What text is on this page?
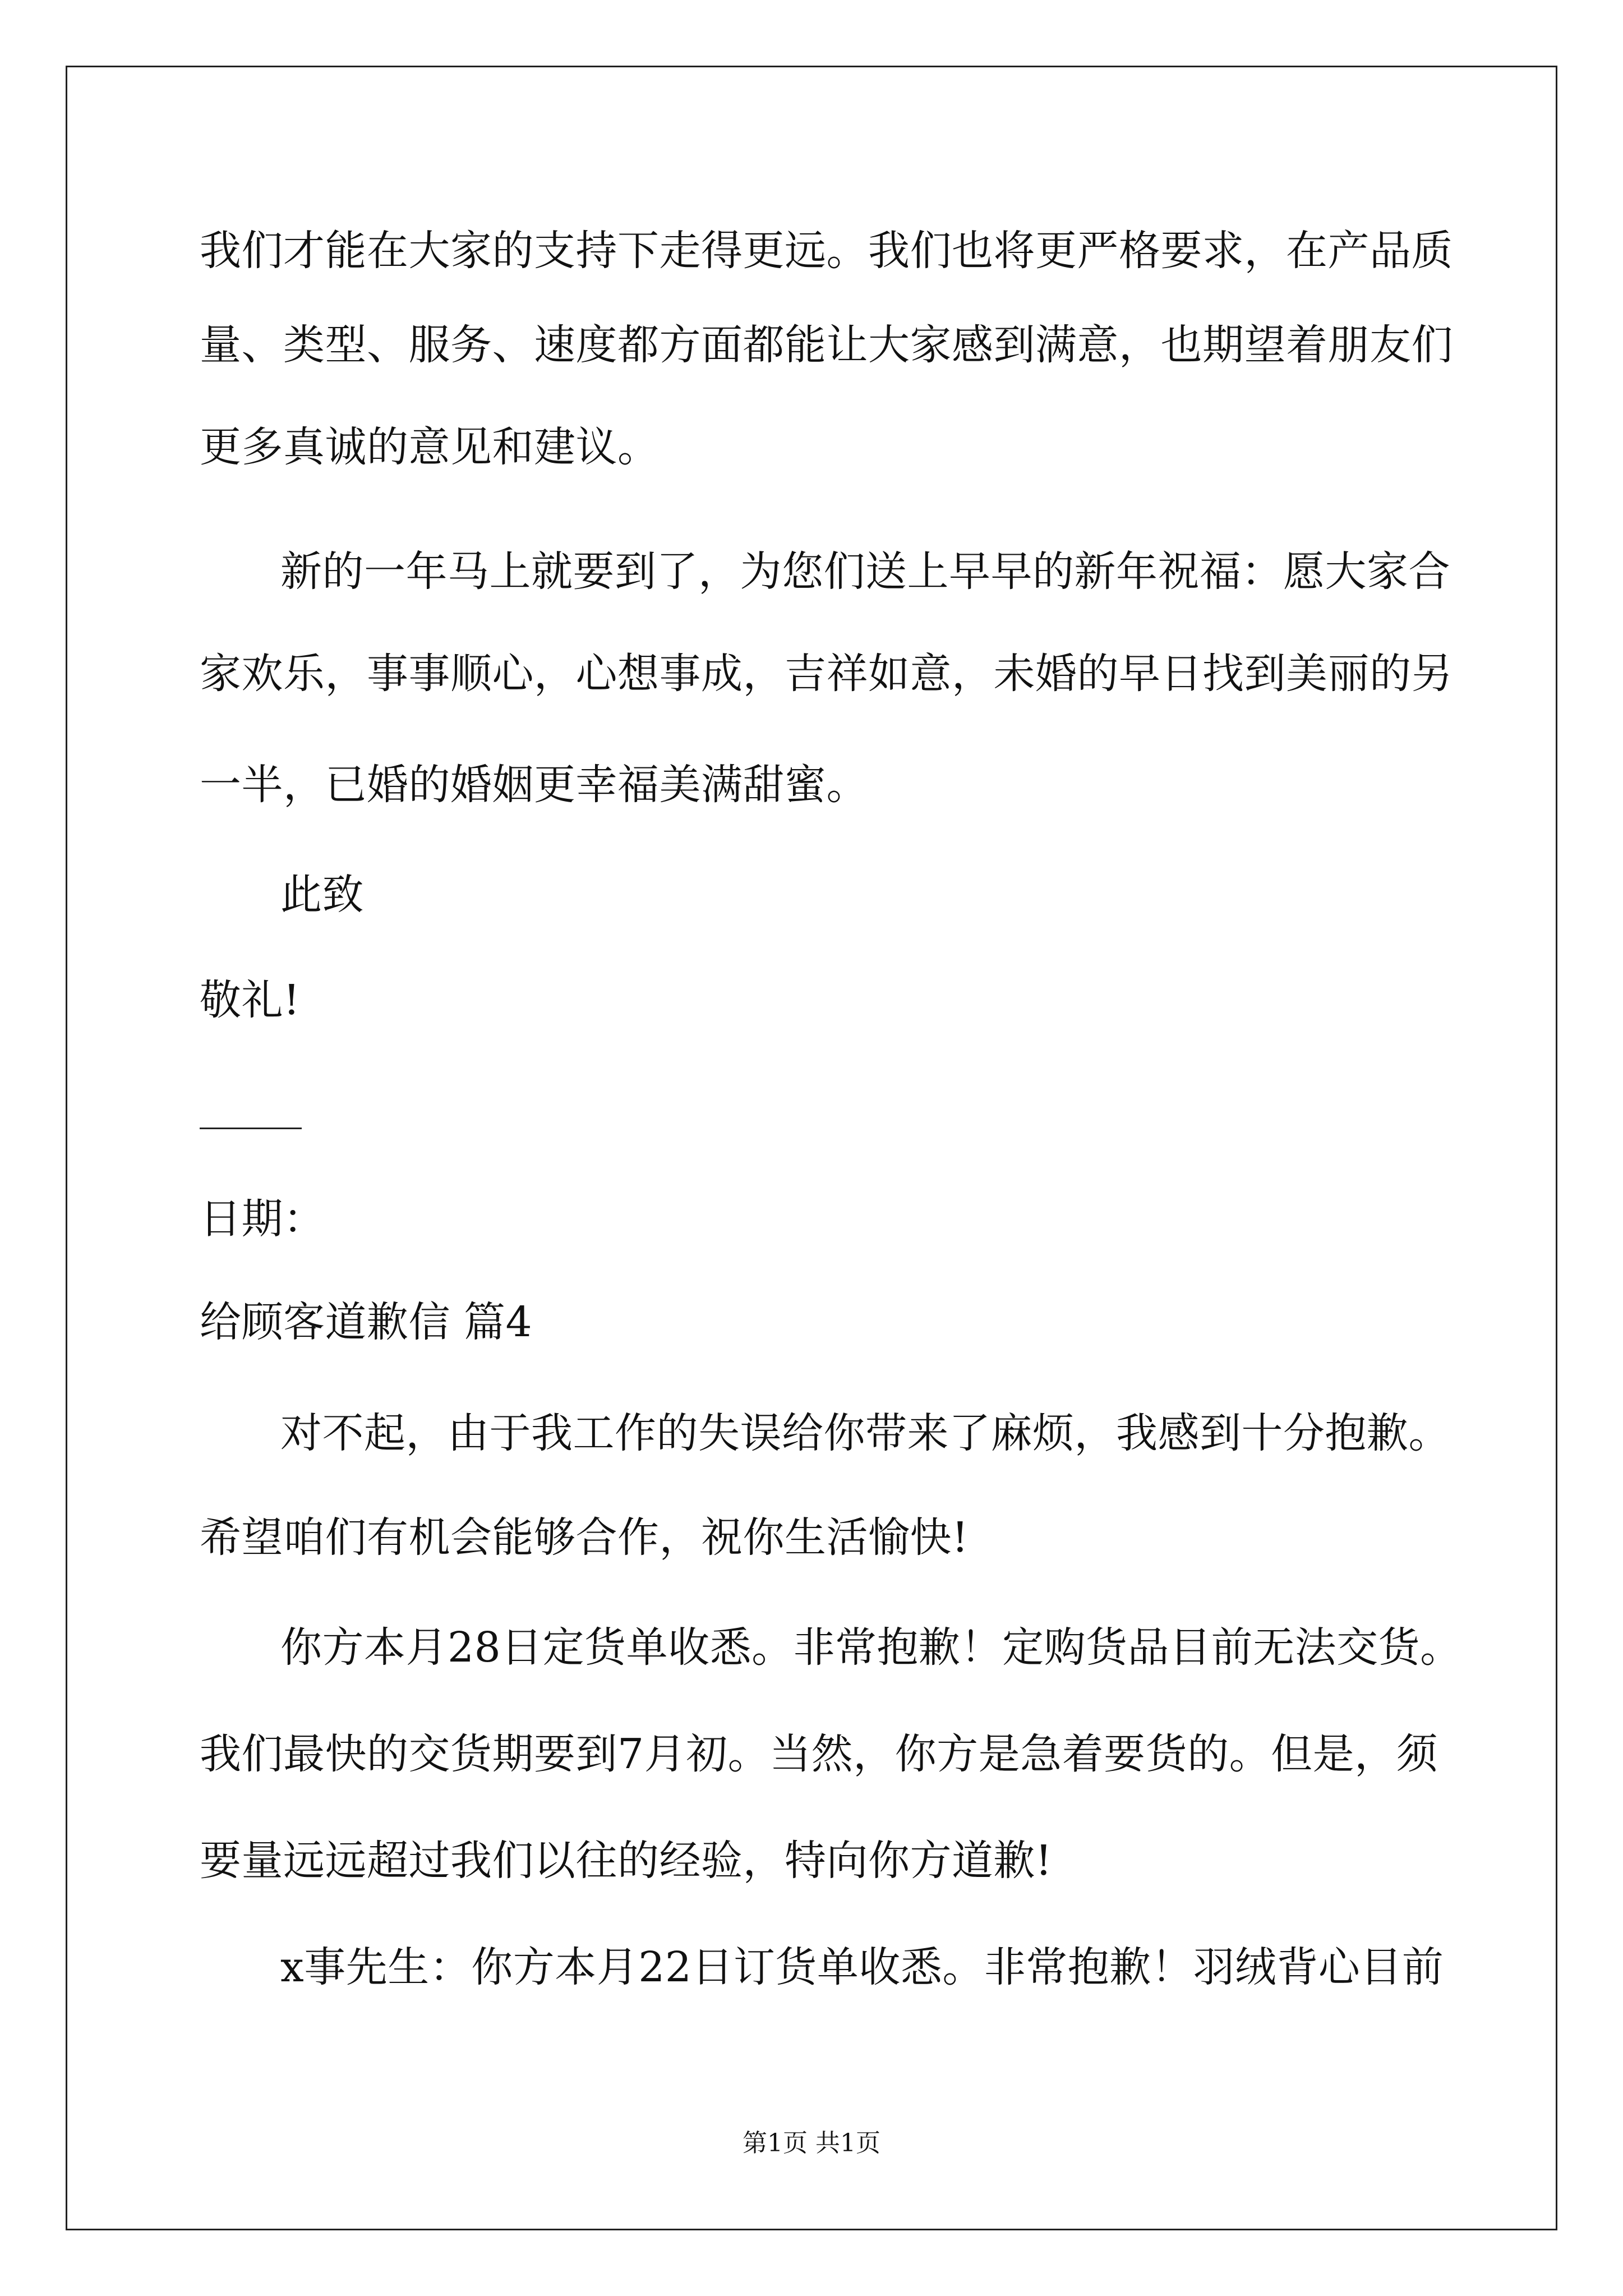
我们才能在大家的支持下走得更远。我们也将更严格要求，在产品质
量、类型、服务、速度都方面都能让大家感到满意，也期望着朋友们
更多真诚的意见和建议。
新的一年马上就要到了，为您们送上早早的新年祝福：愿大家合
家欢乐，事事顺心，心想事成，吉祥如意，未婚的早日找到美丽的另
一半，已婚的婚姻更幸福美满甜蜜。
此致
敬礼!
日期：
给顾客道歉信 篇4
对不起，由于我工作的失误给你带来了麻烦，我感到十分抱歉。
希望咱们有机会能够合作，祝你生活愉快!
你方本月28日定货单收悉。非常抱歉！定购货品目前无法交货。
我们最快的交货期要到7月初。当然，你方是急着要货的。但是，须
要量远远超过我们以往的经验，特向你方道歉!
x事先生：你方本月22日订货单收悉。非常抱歉！羽绒背心目前
第1页 共1页
